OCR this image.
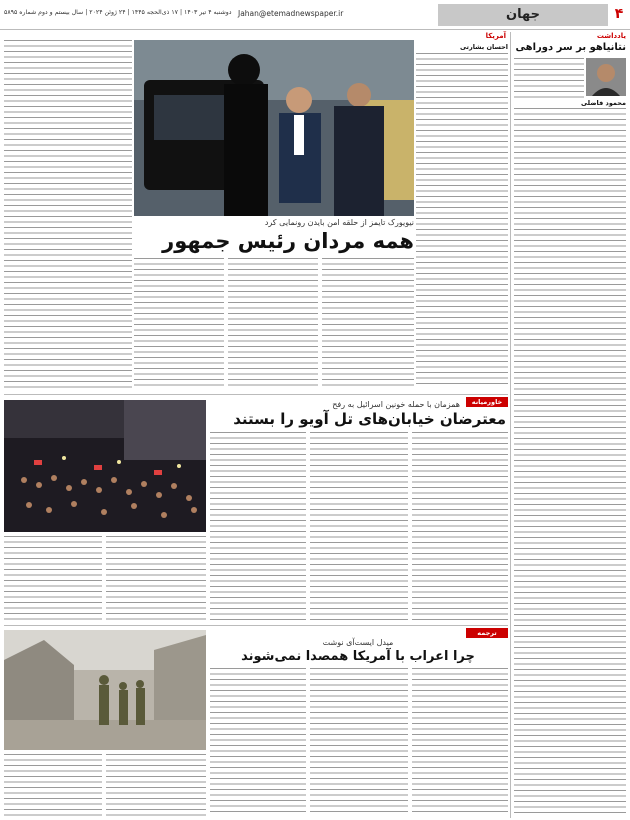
۴
جهان
Jahan@etemadnewspaper.ir
دوشنبه ۴ تیر ۱۴۰۳ | ۱۷ ذی‌الحجه ۱۴۴۵ | ۲۴ ژوئن ۲۰۲۴ | سال بیستم و دوم شماره ۵۸۹۵
یادداشت
نتانیاهو بر سر دوراهی
محمود فاضلی
آمریکا
احسان بشارتی
نیویورک تایمز از حلقه امن بایدن رونمایی کرد
همه مردان رئیس جمهور
خاورمیانه
همزمان با حمله خونین اسرائیل به رفح
معترضان خیابان‌های تل آویو را بستند
ترجمه
میدل ایست‌آی نوشت
چرا اعراب با آمریکا همصدا نمی‌شوند
